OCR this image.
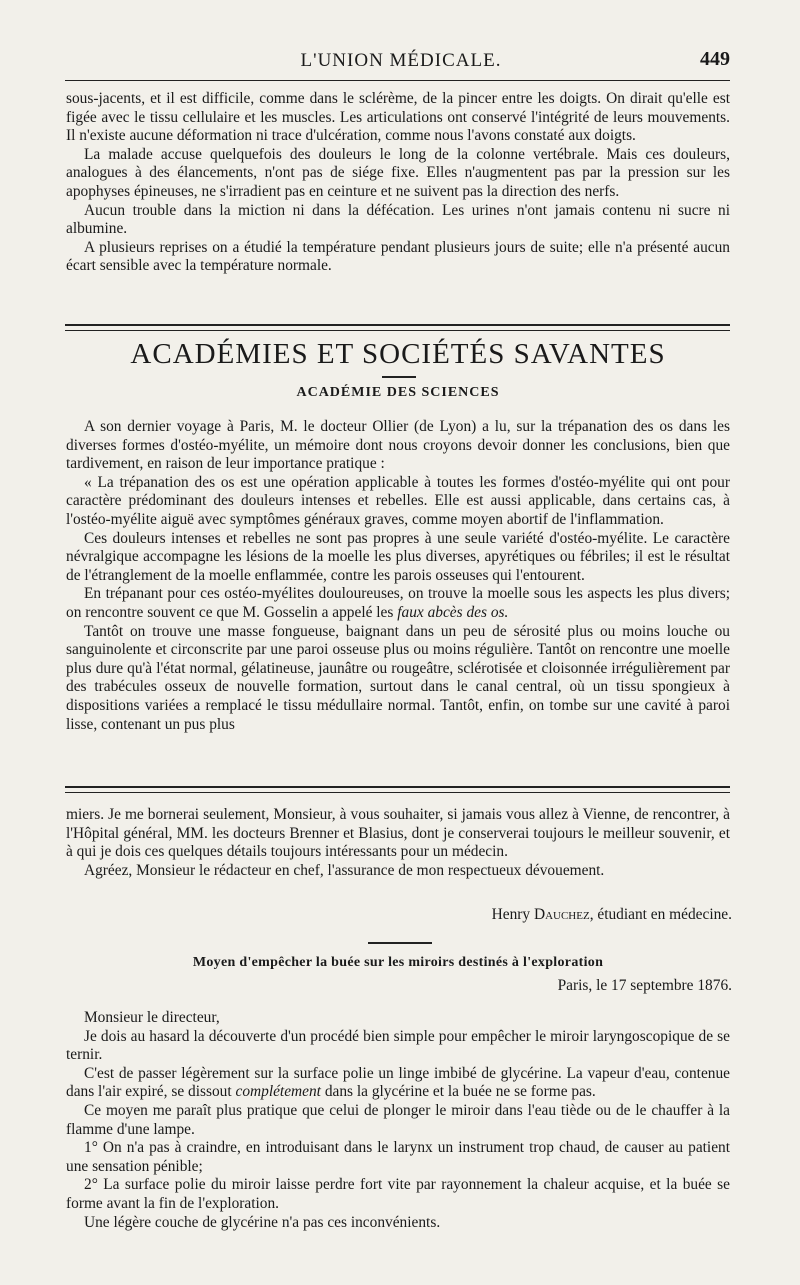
L'UNION MÉDICALE.	449

sous-jacents, et il est difficile, comme dans le sclérème, de la pincer entre les doigts. On dirait qu'elle est figée avec le tissu cellulaire et les muscles. Les articulations ont conservé l'intégrité de leurs mouvements. Il n'existe aucune déformation ni trace d'ulcération, comme nous l'avons constaté aux doigts.

La malade accuse quelquefois des douleurs le long de la colonne vertébrale. Mais ces douleurs, analogues à des élancements, n'ont pas de siége fixe. Elles n'augmentent pas par la pression sur les apophyses épineuses, ne s'irradient pas en ceinture et ne suivent pas la direction des nerfs.

Aucun trouble dans la miction ni dans la défécation. Les urines n'ont jamais contenu ni sucre ni albumine.

A plusieurs reprises on a étudié la température pendant plusieurs jours de suite; elle n'a présenté aucun écart sensible avec la température normale.

ACADÉMIES ET SOCIÉTÉS SAVANTES
ACADÉMIE DES SCIENCES

A son dernier voyage à Paris, M. le docteur Ollier (de Lyon) a lu, sur la trépanation des os dans les diverses formes d'ostéo-myélite, un mémoire dont nous croyons devoir donner les conclusions, bien que tardivement, en raison de leur importance pratique :

« La trépanation des os est une opération applicable à toutes les formes d'ostéo-myélite qui ont pour caractère prédominant des douleurs intenses et rebelles. Elle est aussi applicable, dans certains cas, à l'ostéo-myélite aiguë avec symptômes généraux graves, comme moyen abortif de l'inflammation.

Ces douleurs intenses et rebelles ne sont pas propres à une seule variété d'ostéo-myélite. Le caractère névralgique accompagne les lésions de la moelle les plus diverses, apyrétiques ou fébriles; il est le résultat de l'étranglement de la moelle enflammée, contre les parois osseuses qui l'entourent.

En trépanant pour ces ostéo-myélites douloureuses, on trouve la moelle sous les aspects les plus divers; on rencontre souvent ce que M. Gosselin a appelé les faux abcès des os.

Tantôt on trouve une masse fongueuse, baignant dans un peu de sérosité plus ou moins louche ou sanguinolente et circonscrite par une paroi osseuse plus ou moins régulière. Tantôt on rencontre une moelle plus dure qu'à l'état normal, gélatineuse, jaunâtre ou rougeâtre, sclérotisée et cloisonnée irrégulièrement par des trabécules osseux de nouvelle formation, surtout dans le canal central, où un tissu spongieux à dispositions variées a remplacé le tissu médullaire normal. Tantôt, enfin, on tombe sur une cavité à paroi lisse, contenant un pus plus

miers. Je me bornerai seulement, Monsieur, à vous souhaiter, si jamais vous allez à Vienne, de rencontrer, à l'Hôpital général, MM. les docteurs Brenner et Blasius, dont je conserverai toujours le meilleur souvenir, et à qui je dois ces quelques détails toujours intéressants pour un médecin.

Agréez, Monsieur le rédacteur en chef, l'assurance de mon respectueux dévouement.

Henry Dauchez, étudiant en médecine.
Moyen d'empêcher la buée sur les miroirs destinés à l'exploration
Paris, le 17 septembre 1876.

Monsieur le directeur,

Je dois au hasard la découverte d'un procédé bien simple pour empêcher le miroir laryngoscopique de se ternir.

C'est de passer légèrement sur la surface polie un linge imbibé de glycérine. La vapeur d'eau, contenue dans l'air expiré, se dissout complétement dans la glycérine et la buée ne se forme pas.

Ce moyen me paraît plus pratique que celui de plonger le miroir dans l'eau tiède ou de le chauffer à la flamme d'une lampe.

1° On n'a pas à craindre, en introduisant dans le larynx un instrument trop chaud, de causer au patient une sensation pénible;

2° La surface polie du miroir laisse perdre fort vite par rayonnement la chaleur acquise, et la buée se forme avant la fin de l'exploration.

Une légère couche de glycérine n'a pas ces inconvénients.
